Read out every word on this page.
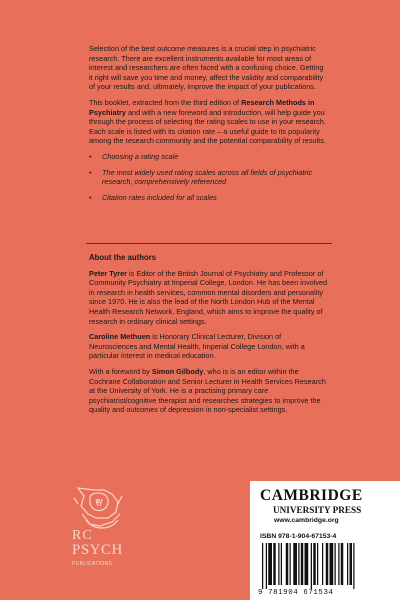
Selection of the best outcome measures is a crucial step in psychiatric research. There are excellent instruments available for most areas of interest and researchers are often faced with a confusing choice. Getting it right will save you time and money, affect the validity and comparability of your results and, ultimately, improve the impact of your publications.

This booklet, extracted from the third edition of Research Methods in Psychiatry and with a new foreword and introduction, will help guide you through the process of selecting the rating scales to use in your research. Each scale is listed with its citation rate – a useful guide to its popularity among the research community and the potential comparability of results.

• Choosing a rating scale
• The most widely used rating scales across all fields of psychiatric research, comprehensively referenced
• Citation rates included for all scales
About the authors

Peter Tyrer is Editor of the British Journal of Psychiatry and Professor of Community Psychiatry at Imperial College, London. He has been involved in research in health services, common mental disorders and personality since 1970. He is also the lead of the North London Hub of the Mental Health Research Network, England, which aims to improve the quality of research in ordinary clinical settings.

Caroline Methuen is Honorary Clinical Lecturer, Division of Neurosciences and Mental Health, Imperial College London, with a particular interest in medical education.

With a foreword by Simon Gilbody, who is is an editor within the Cochrane Collaboration and Senior Lecturer in Health Services Research at the University of York. He is a practising primary care psychiatrist/cognitive therapist and researches strategies to improve the quality and outcomes of depression in non-specialist settings.

RC
PSYCH
PUBLICATIONS
CAMBRIDGE
UNIVERSITY PRESS
www.cambridge.org
ISBN 978-1-904-67153-4
9 781904 671534
